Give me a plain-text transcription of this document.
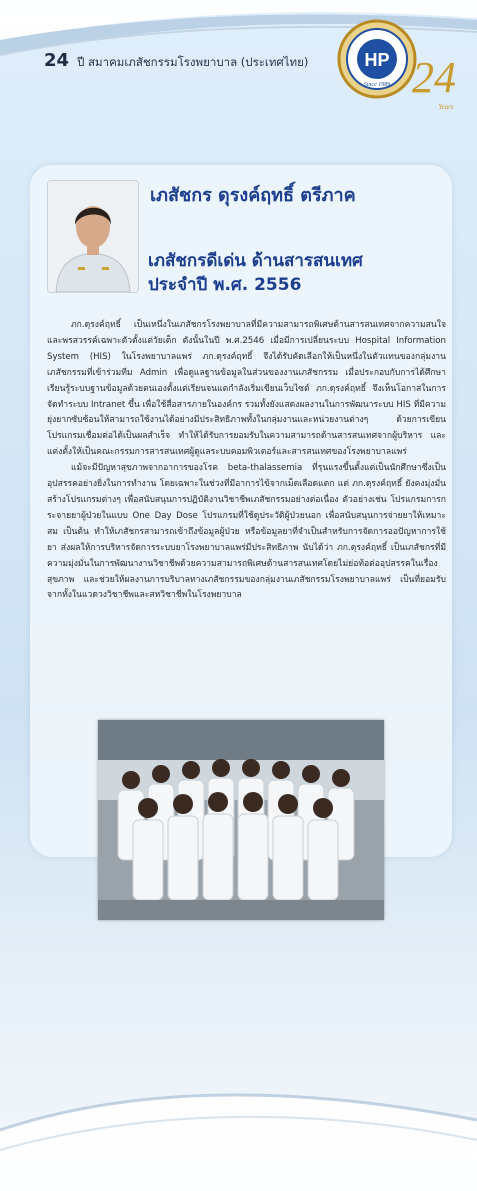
24 ปี สมาคมเภสัชกรรมโรงพยาบาล (ประเทศไทย)	HP
Since 1989 24
Years
เภสัชกร ดุรงค์ฤทธิ์ ตรีภาค
เภสัชกรดีเด่น ด้านสารสนเทศ
ประจำปี พ.ศ. 2556

ภก.ดุรงค์ฤทธิ์ เป็นเหนึ่งในเภสัชกรโรงพยาบาลที่มีความสามารถพิเศษด้านสารสนเทศจากความสนใจและพรสวรรค์เฉพาะตัวตั้งแต่วัยเด็ก ดังนั้นในปี พ.ศ.2546 เมื่อมีการเปลี่ยนระบบ Hospital Information System (HIS) ในโรงพยาบาลแพร่ ภก.ดุรงค์ฤทธิ์ จึงได้รับคัดเลือกให้เป็นหนึ่งในตัวแทนของกลุ่มงานเภสัชกรรมที่เข้าร่วมทีม Admin เพื่อดูแลฐานข้อมูลในส่วนของงานเภสัชกรรม เมื่อประกอบกับการได้ศึกษาเรียนรู้ระบบฐานข้อมูลด้วยตนเองตั้งแต่เรียนจนแตกำลังเริ่มเขียนเว็บไซต์ ภก.ดุรงค์ฤทธิ์ จึงเห็นโอกาสในการจัดทำระบบ Intranet ขึ้น เพื่อใช้สื่อสารภายในองค์กร รวมทั้งยังแสดงผลงานในการพัฒนาระบบ HIS ที่มีความยุ่งยากซับซ้อนให้สามารถใช้งานได้อย่างมีประสิทธิภาพทั้งในกลุ่มงานและหน่วยงานต่างๆ ด้วยการเขียนโปรแกรมเชื่อมต่อได้เป็นผลสำเร็จ ทำให้ได้รับการยอมรับในความสามารถด้านสารสนเทศจากผู้บริหาร และแต่งตั้งให้เป็นคณะกรรมการสารสนเทศผู้ดูแลระบบคอมพิวเตอร์และสารสนเทศของโรงพยาบาลแพร่

แม้จะมีปัญหาสุขภาพจากอาการของโรค beta-thalassemia ที่รุนแรงขึ้นตั้งแต่เป็นนักศึกษาซึ่งเป็นอุปสรรคอย่างยิ่งในการทำงาน โดยเฉพาะในช่วงที่มีอาการไข้จากเม็ดเลือดแตก แต่ ภก.ดุรงค์ฤทธิ์ ยังคงมุ่งมั่นสร้างโปรแกรมต่างๆ เพื่อสนับสนุนการปฏิบัติงานวิชาชีพเภสัชกรรมอย่างต่อเนื่อง ตัวอย่างเช่น โปรแกรมการกระจายยาผู้ป่วยในแบบ One Day Dose โปรแกรมที่ใช้ดูประวัติผู้ป่วยนอก เพื่อสนับสนุนการจ่ายยาให้เหมาะสม เป็นต้น ทำให้เภสัชกรสามารถเข้าถึงข้อมูลผู้ป่วย หรือข้อมูลยาที่จำเป็นสำหรับการจัดการออปัญหาการใช้ยา ส่งผลให้การบริหารจัดการระบบยาโรงพยาบาลแพร่มีประสิทธิภาพ นับได้ว่า ภก.ดุรงค์ฤทธิ์ เป็นเภสัชกรที่มีความมุ่งมั่นในการพัฒนางานวิชาชีพด้วยความสามารถพิเศษด้านสารสนเทศโดยไม่ย่อท้อต่ออุปสรรคในเรื่องสุขภาพ และช่วยให้ผลงานการบริบาลทางเภสัชกรรมของกลุ่มงานเภสัชกรรมโรงพยาบาลแพร่ เป็นที่ยอมรับจากทั้งในแวดวงวิชาชีพและสหวิชาชีพในโรงพยาบาล
